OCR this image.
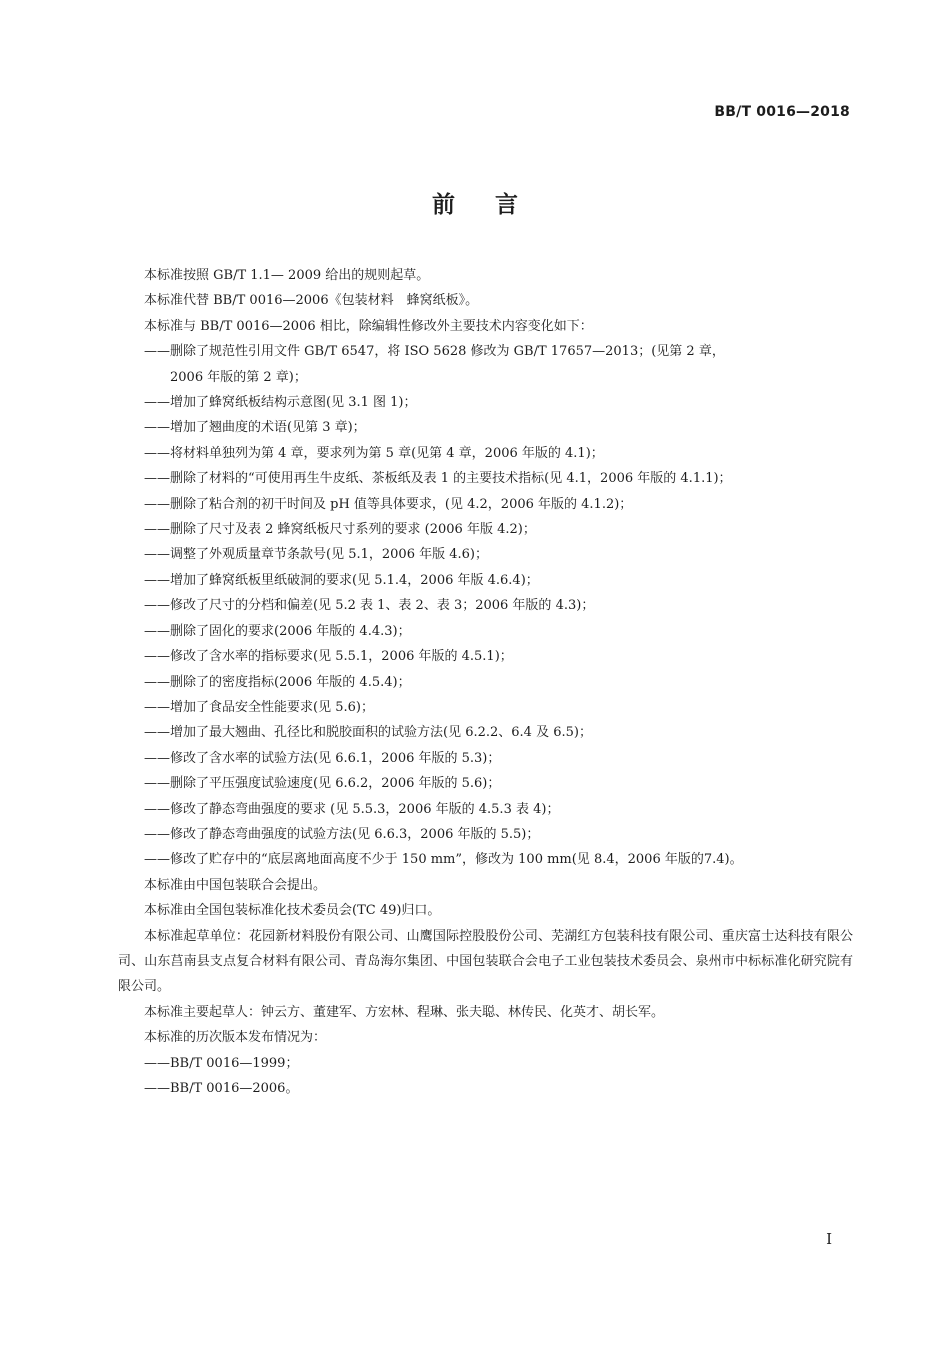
BB/T 0016—2018
前言
本标准按照 GB/T 1.1— 2009 给出的规则起草。
本标准代替 BB/T 0016—2006《包装材料　蜂窝纸板》。
本标准与 BB/T 0016—2006 相比，除编辑性修改外主要技术内容变化如下：
——删除了规范性引用文件 GB/T 6547，将 ISO 5628 修改为 GB/T 17657—2013；(见第 2 章，
2006 年版的第 2 章)；
——增加了蜂窝纸板结构示意图(见 3.1 图 1)；
——增加了翘曲度的术语(见第 3 章)；
——将材料单独列为第 4 章，要求列为第 5 章(见第 4 章，2006 年版的 4.1)；
——删除了材料的“可使用再生牛皮纸、茶板纸及表 1 的主要技术指标(见 4.1，2006 年版的 4.1.1)；
——删除了粘合剂的初干时间及 pH 值等具体要求，(见 4.2，2006 年版的 4.1.2)；
——删除了尺寸及表 2 蜂窝纸板尺寸系列的要求 (2006 年版 4.2)；
——调整了外观质量章节条款号(见 5.1，2006 年版 4.6)；
——增加了蜂窝纸板里纸破洞的要求(见 5.1.4，2006 年版 4.6.4)；
——修改了尺寸的分档和偏差(见 5.2 表 1、表 2、表 3；2006 年版的 4.3)；
——删除了固化的要求(2006 年版的 4.4.3)；
——修改了含水率的指标要求(见 5.5.1，2006 年版的 4.5.1)；
——删除了的密度指标(2006 年版的 4.5.4)；
——增加了食品安全性能要求(见 5.6)；
——增加了最大翘曲、孔径比和脱胶面积的试验方法(见 6.2.2、6.4 及 6.5)；
——修改了含水率的试验方法(见 6.6.1，2006 年版的 5.3)；
——删除了平压强度试验速度(见 6.6.2，2006 年版的 5.6)；
——修改了静态弯曲强度的要求 (见 5.5.3，2006 年版的 4.5.3 表 4)；
——修改了静态弯曲强度的试验方法(见 6.6.3，2006 年版的 5.5)；
——修改了贮存中的“底层离地面高度不少于 150 mm”，修改为 100 mm(见 8.4，2006 年版的7.4)。
本标准由中国包装联合会提出。
本标准由全国包装标准化技术委员会(TC 49)归口。
本标准起草单位：花园新材料股份有限公司、山鹰国际控股股份公司、芜湖红方包装科技有限公司、重庆富士达科技有限公司、山东莒南县支点复合材料有限公司、青岛海尔集团、中国包装联合会电子工业包装技术委员会、泉州市中标标准化研究院有限公司。
本标准主要起草人：钟云方、董建军、方宏林、程琳、张夫聪、林传民、化英才、胡长军。
本标准的历次版本发布情况为：
——BB/T 0016—1999；
——BB/T 0016—2006。
I
